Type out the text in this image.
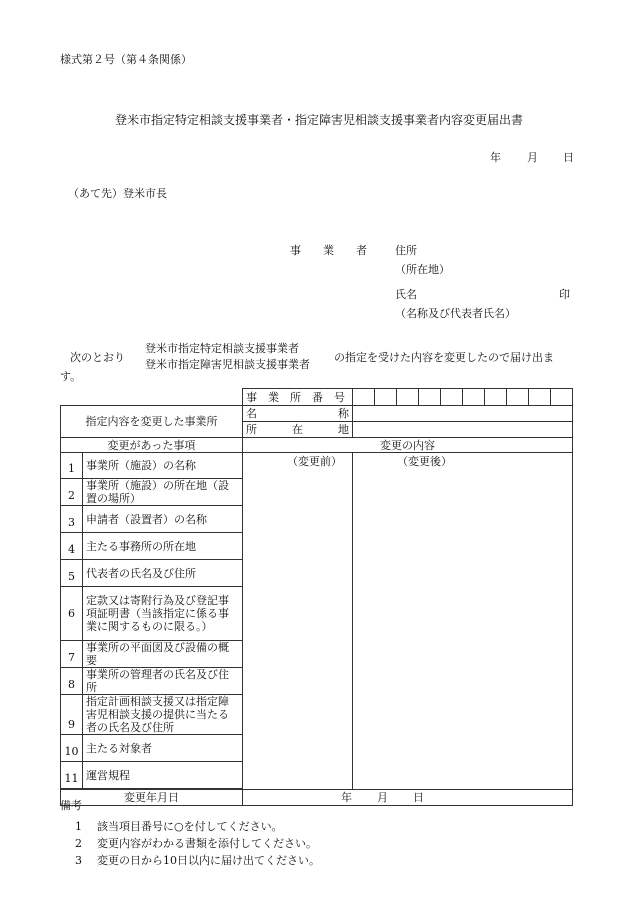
様式第２号（第４条関係）
登米市指定特定相談支援事業者・指定障害児相談支援事業者内容変更届出書
年 月 日
（あて先）登米市長
事　　業　　者	住所
（所在地）
氏名	印
（名称及び代表者氏名）
次のとおり
登米市指定特定相談支援事業者
登米市指定障害児相談支援事業者
の指定を受けた内容を変更したので届け出ま
す。

		事　業　所　番　号	

指定内容を変更した事業所		名 称	

		所 在 地	

変更があった事項		変更の内容	
1	事業所（施設）の名称	（変更前）	（変更後）

2	事業所（施設）の所在地（設置の場所）		
3	申請者（設置者）の名称		
4	主たる事務所の所在地		
5	代表者の氏名及び住所		
6	定款又は寄附行為及び登記事項証明書（当該指定に係る事業に関するものに限る。）		
7	事業所の平面図及び設備の概要		
8	事業所の管理者の氏名及び住所		
9	指定計画相談支援又は指定障害児相談支援の提供に当たる者の氏名及び住所		
10	主たる対象者		
11	運営規程		

変更年月日		年 月 日	
備考
1 該当項目番号に○を付してください。
2 変更内容がわかる書類を添付してください。
3 変更の日から10日以内に届け出てください。
